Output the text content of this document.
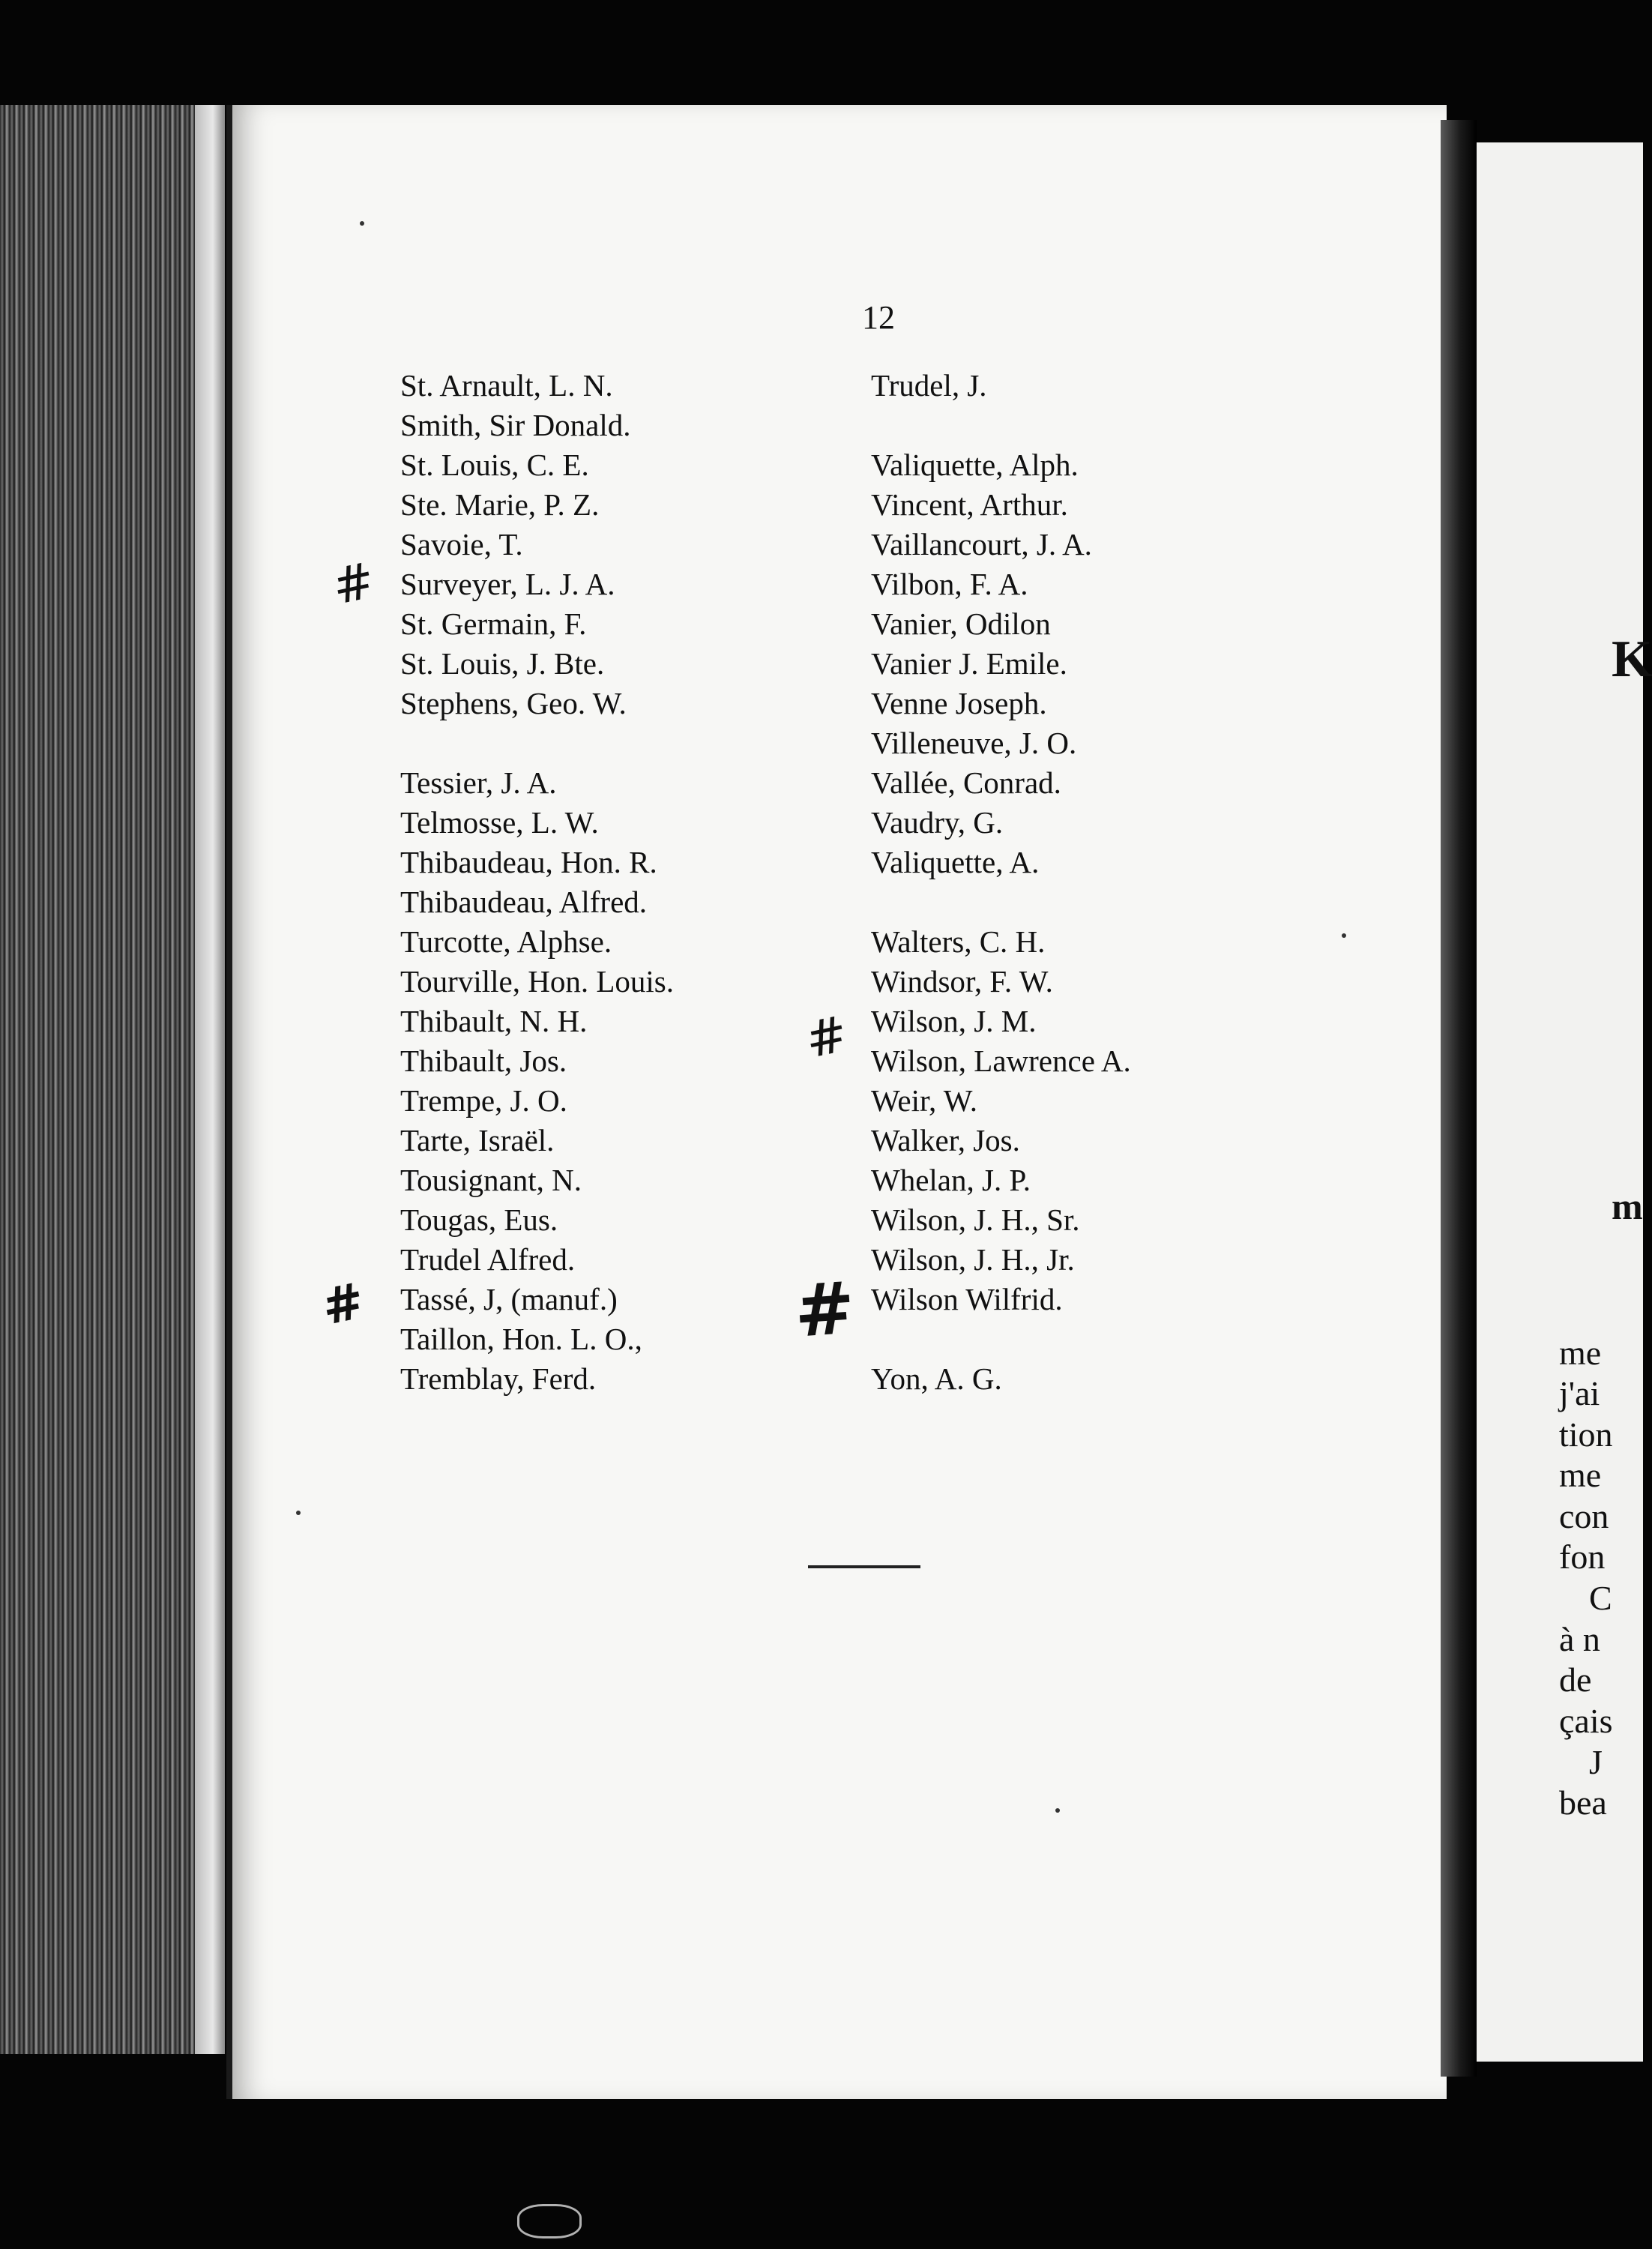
K
m
me
j'ai
tion
me
con
fon
C
à n
de
çais
J
bea
12
St. Arnault, L. N.
Smith, Sir Donald.
St. Louis, C. E.
Ste. Marie, P. Z.
Savoie, T.
Surveyer, L. J. A.
St. Germain, F.
St. Louis, J. Bte.
Stephens, Geo. W.
Tessier, J. A.
Telmosse, L. W.
Thibaudeau, Hon. R.
Thibaudeau, Alfred.
Turcotte, Alphse.
Tourville, Hon. Louis.
Thibault, N. H.
Thibault, Jos.
Trempe, J. O.
Tarte, Israël.
Tousignant, N.
Tougas, Eus.
Trudel Alfred.
Tassé, J, (manuf.)
Taillon, Hon. L. O.,
Tremblay, Ferd.
Trudel, J.
Valiquette, Alph.
Vincent, Arthur.
Vaillancourt, J. A.
Vilbon, F. A.
Vanier, Odilon
Vanier J. Emile.
Venne Joseph.
Villeneuve, J. O.
Vallée, Conrad.
Vaudry, G.
Valiquette, A.
Walters, C. H.
Windsor, F. W.
Wilson, J. M.
Wilson, Lawrence A.
Weir, W.
Walker, Jos.
Whelan, J. P.
Wilson, J. H., Sr.
Wilson, J. H., Jr.
Wilson Wilfrid.
Yon, A. G.
#
#
#	#
